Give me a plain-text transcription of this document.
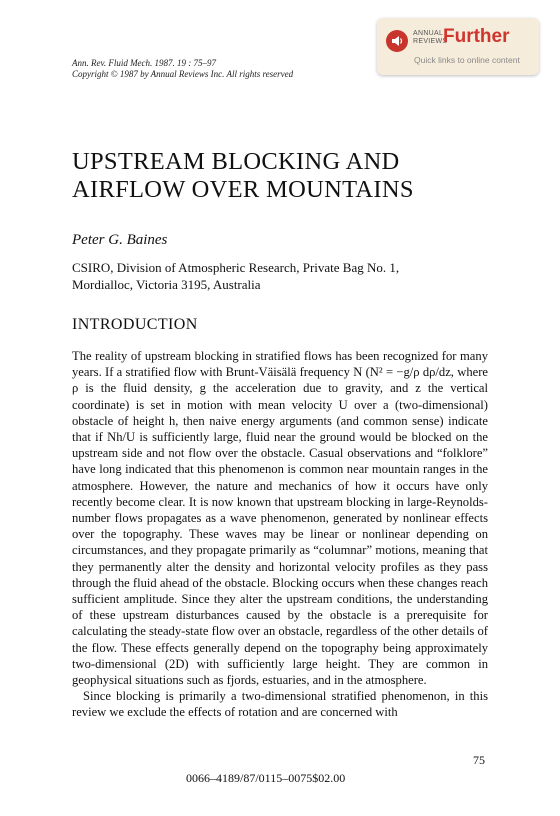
ANNUAL
REVIEWS
Further
Quick links to online content
Ann. Rev. Fluid Mech. 1987. 19 : 75–97
Copyright © 1987 by Annual Reviews Inc. All rights reserved
UPSTREAM BLOCKING AND
AIRFLOW OVER MOUNTAINS
Peter G. Baines
CSIRO, Division of Atmospheric Research, Private Bag No. 1,
Mordialloc, Victoria 3195, Australia
INTRODUCTION

The reality of upstream blocking in stratified flows has been recognized for many years. If a stratified flow with Brunt-Väisälä frequency N (N² = −g/ρ dρ/dz, where ρ is the fluid density, g the acceleration due to gravity, and z the vertical coordinate) is set in motion with mean velocity U over a (two-dimensional) obstacle of height h, then naive energy arguments (and common sense) indicate that if Nh/U is sufficiently large, fluid near the ground would be blocked on the upstream side and not flow over the obstacle. Casual observations and “folklore” have long indicated that this phenomenon is common near mountain ranges in the atmosphere. However, the nature and mechanics of how it occurs have only recently become clear. It is now known that upstream blocking in large-Reynolds-number flows propagates as a wave phenomenon, generated by nonlinear effects over the topography. These waves may be linear or nonlinear depending on circumstances, and they propagate primarily as “columnar” motions, meaning that they permanently alter the density and horizontal velocity profiles as they pass through the fluid ahead of the obstacle. Blocking occurs when these changes reach sufficient amplitude. Since they alter the upstream conditions, the understanding of these upstream disturbances caused by the obstacle is a prerequisite for calculating the steady-state flow over an obstacle, regardless of the other details of the flow. These effects generally depend on the topography being approximately two-dimensional (2D) with sufficiently large height. They are common in geophysical situations such as fjords, estuaries, and in the atmosphere.

Since blocking is primarily a two-dimensional stratified phenomenon, in this review we exclude the effects of rotation and are concerned with

75
0066–4189/87/0115–0075$02.00
